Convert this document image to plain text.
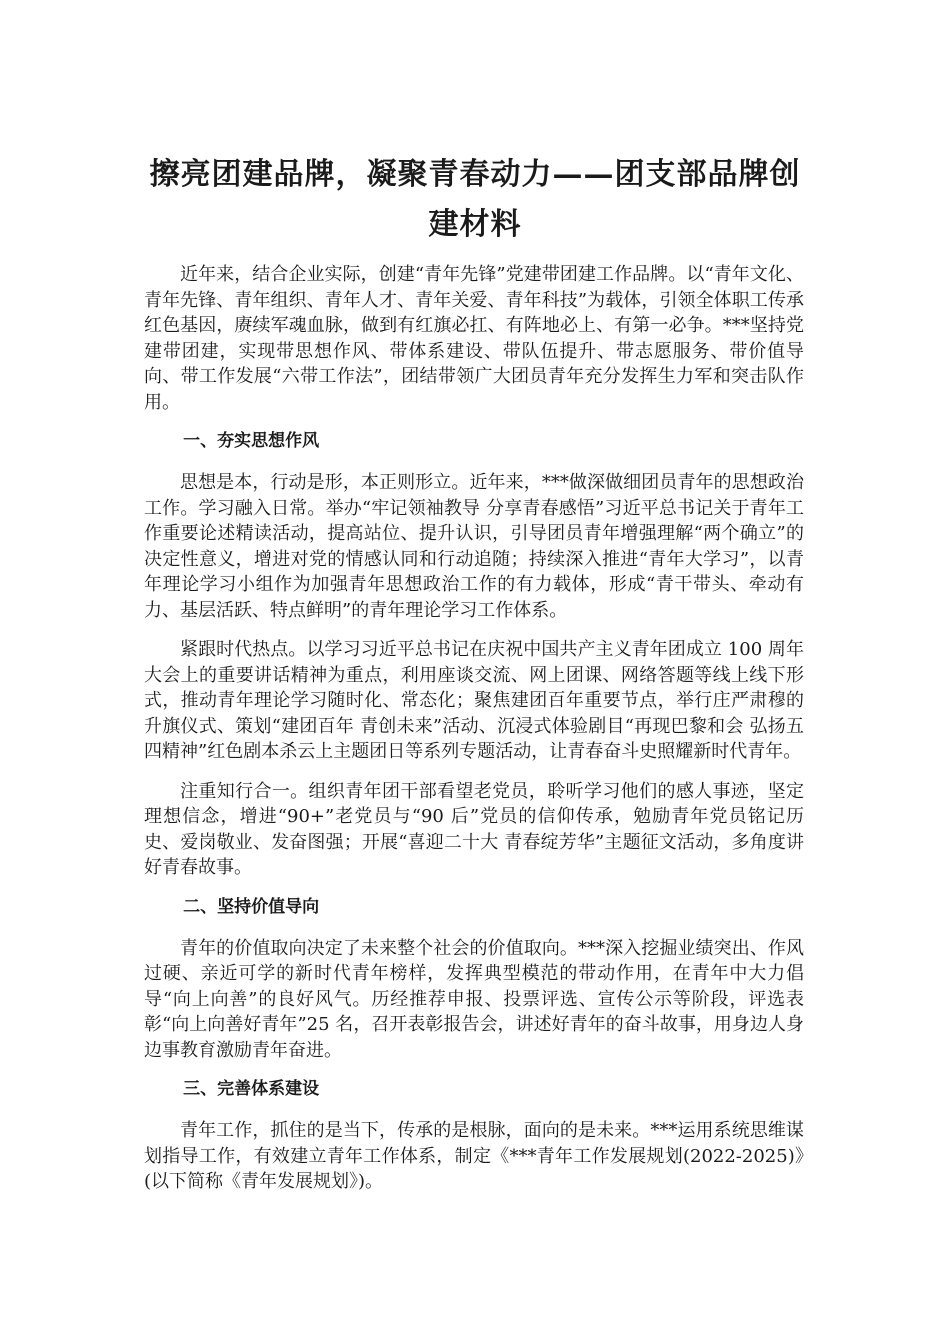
擦亮团建品牌，凝聚青春动力——团支部品牌创建材料

近年来，结合企业实际，创建“青年先锋”党建带团建工作品牌。以“青年文化、青年先锋、青年组织、青年人才、青年关爱、青年科技”为载体，引领全体职工传承红色基因，赓续军魂血脉，做到有红旗必扛、有阵地必上、有第一必争。***坚持党建带团建，实现带思想作风、带体系建设、带队伍提升、带志愿服务、带价值导向、带工作发展“六带工作法”，团结带领广大团员青年充分发挥生力军和突击队作用。

一、夯实思想作风

思想是本，行动是形，本正则形立。近年来，***做深做细团员青年的思想政治工作。学习融入日常。举办“牢记领袖教导 分享青春感悟”习近平总书记关于青年工作重要论述精读活动，提高站位、提升认识，引导团员青年增强理解“两个确立”的决定性意义，增进对党的情感认同和行动追随；持续深入推进“青年大学习”，以青年理论学习小组作为加强青年思想政治工作的有力载体，形成“青干带头、牵动有力、基层活跃、特点鲜明”的青年理论学习工作体系。

紧跟时代热点。以学习习近平总书记在庆祝中国共产主义青年团成立 100 周年大会上的重要讲话精神为重点，利用座谈交流、网上团课、网络答题等线上线下形式，推动青年理论学习随时化、常态化；聚焦建团百年重要节点，举行庄严肃穆的升旗仪式、策划“建团百年 青创未来”活动、沉浸式体验剧目“再现巴黎和会 弘扬五四精神”红色剧本杀云上主题团日等系列专题活动，让青春奋斗史照耀新时代青年。

注重知行合一。组织青年团干部看望老党员，聆听学习他们的感人事迹，坚定理想信念，增进“90+”老党员与“90 后”党员的信仰传承，勉励青年党员铭记历史、爱岗敬业、发奋图强；开展“喜迎二十大 青春绽芳华”主题征文活动，多角度讲好青春故事。

二、坚持价值导向

青年的价值取向决定了未来整个社会的价值取向。***深入挖掘业绩突出、作风过硬、亲近可学的新时代青年榜样，发挥典型模范的带动作用，在青年中大力倡导“向上向善”的良好风气。历经推荐申报、投票评选、宣传公示等阶段，评选表彰“向上向善好青年”25 名，召开表彰报告会，讲述好青年的奋斗故事，用身边人身边事教育激励青年奋进。

三、完善体系建设

青年工作，抓住的是当下，传承的是根脉，面向的是未来。***运用系统思维谋划指导工作，有效建立青年工作体系，制定《***青年工作发展规划(2022-2025)》(以下简称《青年发展规划》)。
